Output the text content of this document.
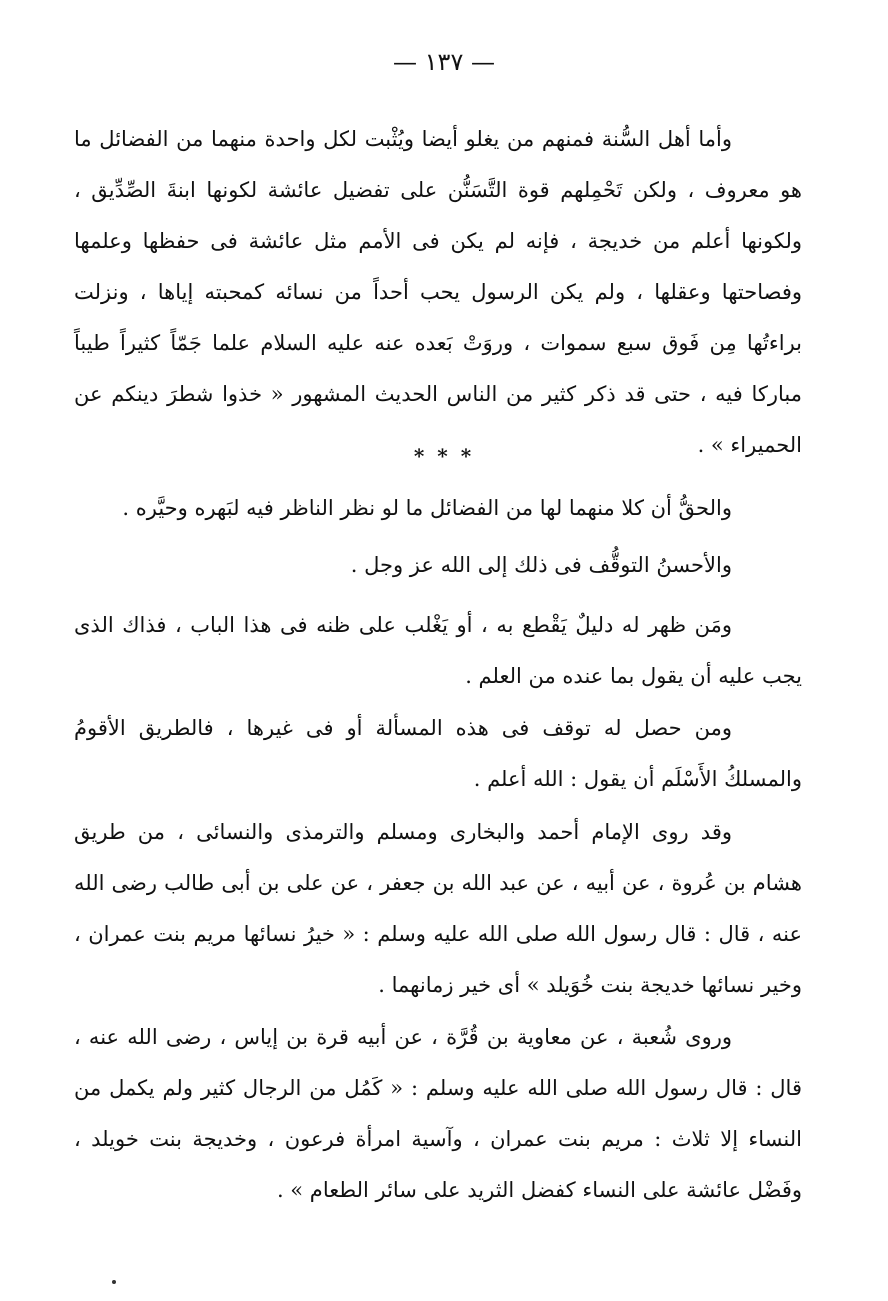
— ١٣٧ —

وأما أهل السُّنة فمنهم من يغلو أيضا ويُثْبت لكل واحدة منهما من الفضائل ما هو معروف ، ولكن تَحْمِلهم قوة التَّسَنُّن على تفضيل عائشة لكونها ابنةَ الصِّدِّيق ، ولكونها أعلم من خديجة ، فإنه لم يكن فى الأمم مثل عائشة فى حفظها وعلمها وفصاحتها وعقلها ، ولم يكن الرسول يحب أحداً من نسائه كمحبته إياها ، ونزلت براءتُها مِن فَوق سبع سموات ، وروَتْ بَعده عنه عليه السلام علما جَمّاً كثيراً طيباً مباركا فيه ، حتى قد ذكر كثير من الناس الحديث المشهور « خذوا شطرَ دينكم عن الحميراء » .

* * *

والحقُّ أن كلا منهما لها من الفضائل ما لو نظر الناظر فيه لبَهره وحيَّره .

والأحسنُ التوقُّف فى ذلك إلى الله عز وجل .

ومَن ظهر له دليلٌ يَقْطع به ، أو يَغْلب على ظنه فى هذا الباب ، فذاك الذى يجب عليه أن يقول بما عنده من العلم .

ومن حصل له توقف فى هذه المسألة أو فى غيرها ، فالطريق الأقومُ والمسلكُ الأَسْلَم أن يقول : الله أعلم .

وقد روى الإمام أحمد والبخارى ومسلم والترمذى والنسائى ، من طريق هشام بن عُروة ، عن أبيه ، عن عبد الله بن جعفر ، عن على بن أبى طالب رضى الله عنه ، قال : قال رسول الله صلى الله عليه وسلم : « خيرُ نسائها مريم بنت عمران ، وخير نسائها خديجة بنت خُوَيلد » أى خير زمانهما .

وروى شُعبة ، عن معاوية بن قُرَّة ، عن أبيه قرة بن إياس ، رضى الله عنه ، قال : قال رسول الله صلى الله عليه وسلم : « كَمُل من الرجال كثير ولم يكمل من النساء إلا ثلاث : مريم بنت عمران ، وآسية امرأة فرعون ، وخديجة بنت خويلد ، وفَضْل عائشة على النساء كفضل الثريد على سائر الطعام » .
